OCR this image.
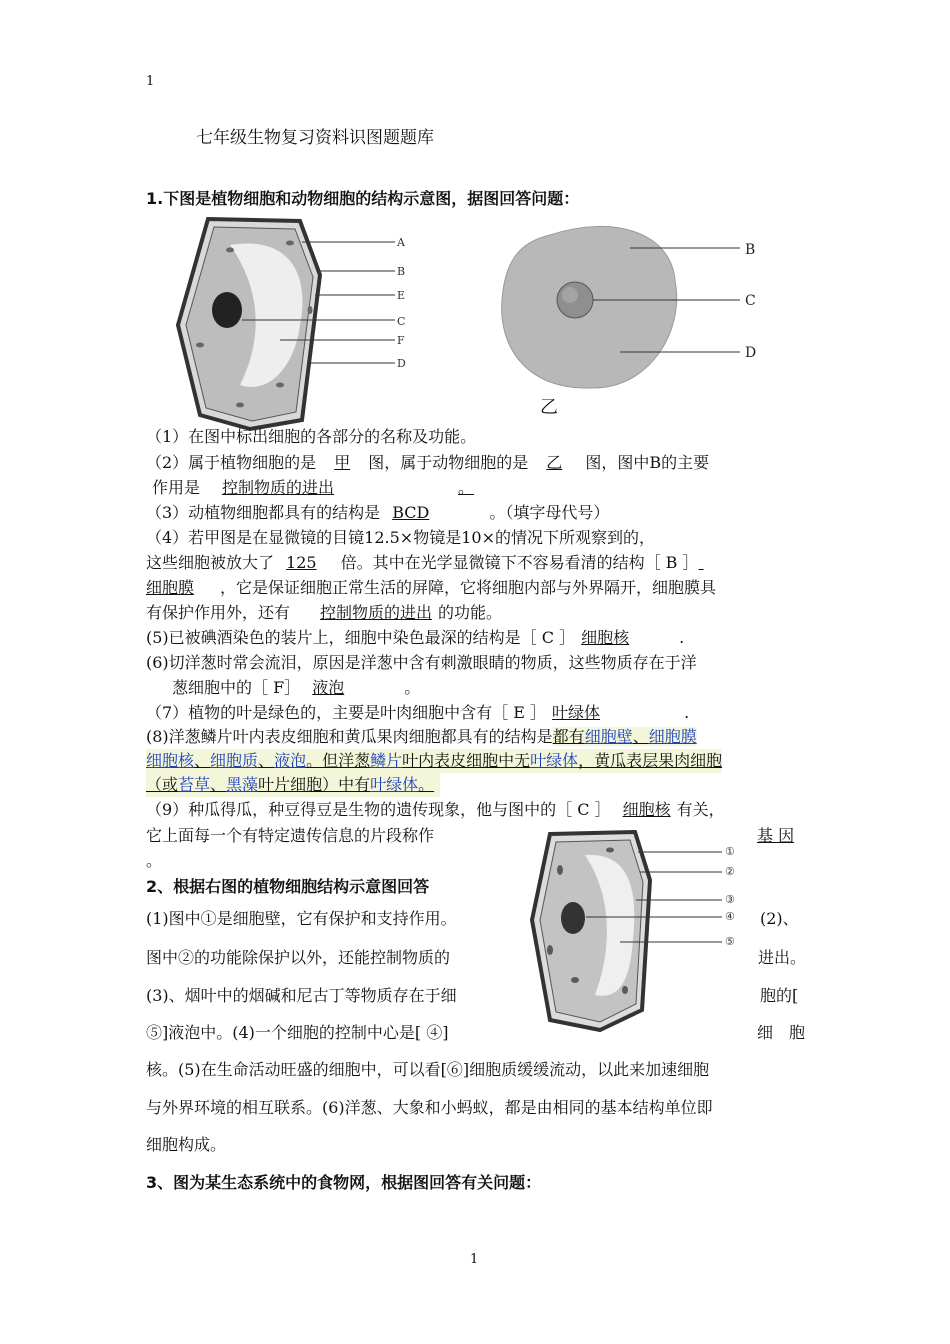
1
七年级生物复习资料识图题题库
1.下图是植物细胞和动物细胞的结构示意图，据图回答问题：
A
B
E
C
F
D
B
C
D
乙
（1）在图中标出细胞的各部分的名称及功能。
（2）属于植物细胞的是 甲 图，属于动物细胞的是 乙 图，图中B的主要
作用是 控制物质的进出	。
（3）动植物细胞都具有的结构是 BCD	。（填字母代号）
（4）若甲图是在显微镜的目镜12.5×物镜是10×的情况下所观察到的，
这些细胞被放大了 125 倍。其中在光学显微镜下不容易看清的结构［ B ］
细胞膜 ，它是保证细胞正常生活的屏障，它将细胞内部与外界隔开，细胞膜具
有保护作用外，还有 控制物质的进出 的功能。
(5)已被碘酒染色的装片上，细胞中染色最深的结构是［ C ］ 细胞核	.
(6)切洋葱时常会流泪，原因是洋葱中含有刺激眼睛的物质，这些物质存在于洋
葱细胞中的［ F］ 液泡	。
（7）植物的叶是绿色的，主要是叶肉细胞中含有［ E ］ 叶绿体	.
(8)洋葱鳞片叶内表皮细胞和黄瓜果肉细胞都具有的结构是都有细胞壁、细胞膜
细胞核、细胞质、液泡。但洋葱鳞片叶内表皮细胞中无叶绿体，黄瓜表层果肉细胞
（或苔草、黑藻叶片细胞）中有叶绿体。
（9）种瓜得瓜，种豆得豆是生物的遗传现象，他与图中的［ C ］ 细胞核 有关，
它上面每一个有特定遗传信息的片段称作	基 因
。	①
②
③
④
⑤
2、根据右图的植物细胞结构示意图回答
(1)图中①是细胞壁，它有保护和支持作用。	(2)、
图中②的功能除保护以外，还能控制物质的	进出。
(3)、烟叶中的烟碱和尼古丁等物质存在于细	胞的[
⑤]液泡中。(4)一个细胞的控制中心是[ ④]	细　胞
核。(5)在生命活动旺盛的细胞中，可以看[⑥]细胞质缓缓流动，以此来加速细胞
与外界环境的相互联系。(6)洋葱、大象和小蚂蚁，都是由相同的基本结构单位即
细胞构成。
3、图为某生态系统中的食物网，根据图回答有关问题：
1
